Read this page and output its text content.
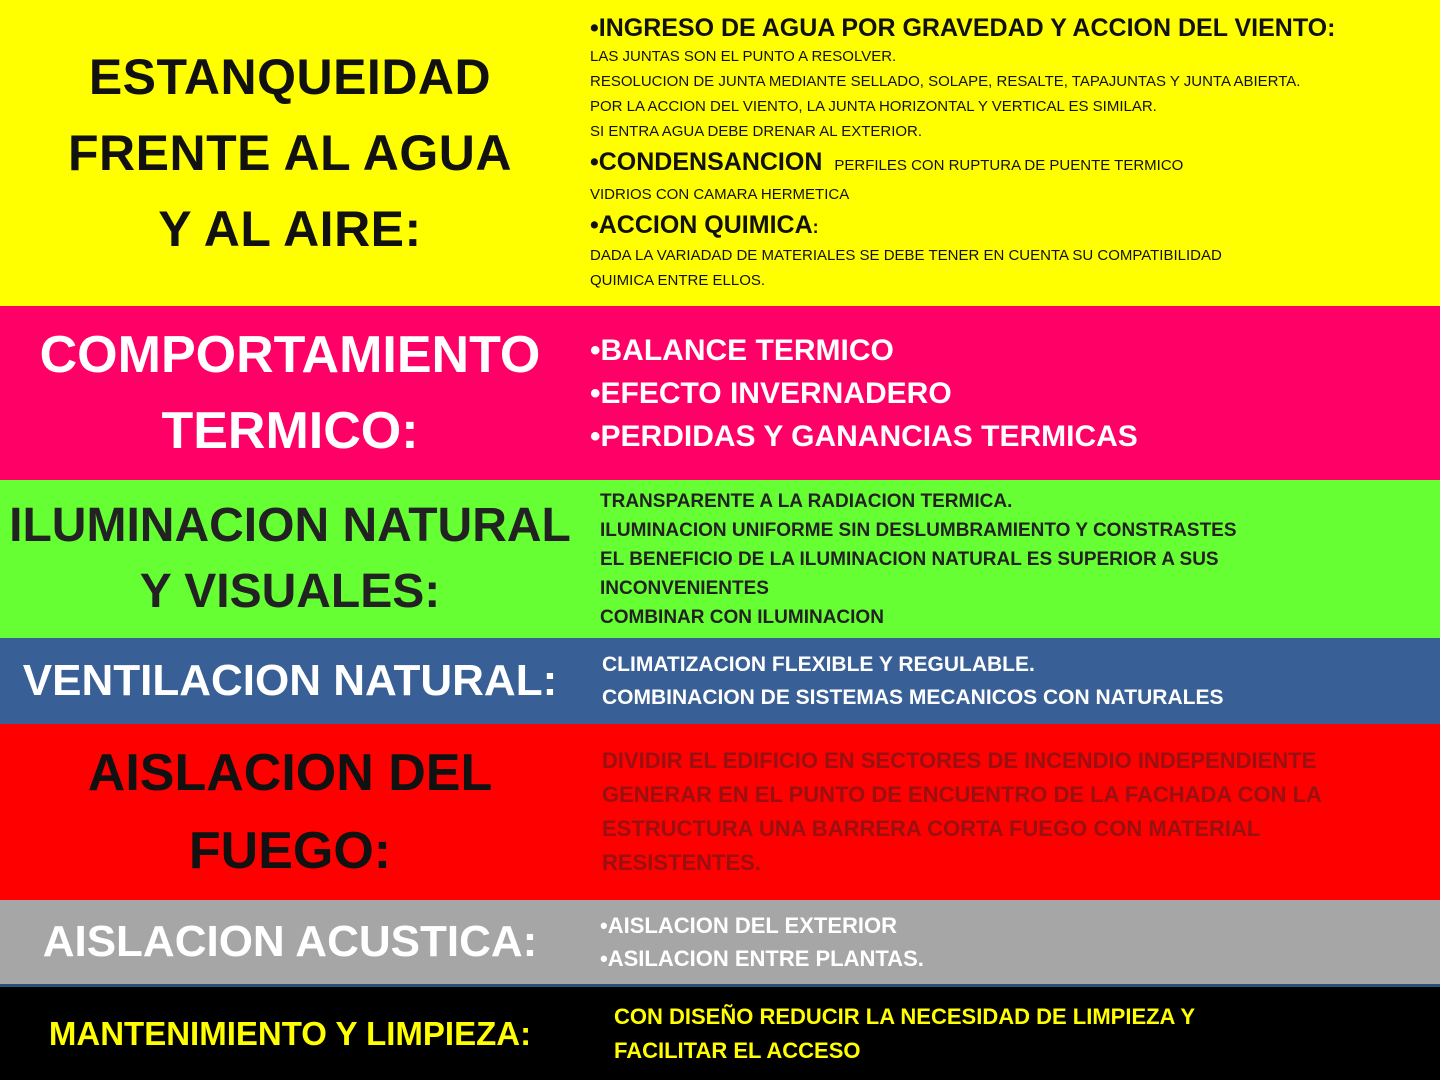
ESTANQUEIDAD
FRENTE AL AGUA
Y AL AIRE:
•INGRESO DE AGUA POR GRAVEDAD Y ACCION DEL VIENTO:
LAS JUNTAS SON EL PUNTO A RESOLVER.
RESOLUCION DE JUNTA MEDIANTE SELLADO, SOLAPE, RESALTE, TAPAJUNTAS Y JUNTA ABIERTA.
POR LA ACCION DEL VIENTO, LA JUNTA HORIZONTAL Y VERTICAL ES SIMILAR.
SI ENTRA AGUA DEBE DRENAR AL EXTERIOR.
•CONDENSANCION PERFILES CON RUPTURA DE PUENTE TERMICO
VIDRIOS CON CAMARA HERMETICA
•ACCION QUIMICA:
DADA LA VARIADAD DE MATERIALES SE DEBE TENER EN CUENTA SU COMPATIBILIDAD
QUIMICA ENTRE ELLOS.
COMPORTAMIENTO
TERMICO:
•BALANCE TERMICO
•EFECTO INVERNADERO
•PERDIDAS Y GANANCIAS TERMICAS
ILUMINACION NATURAL
Y VISUALES:
TRANSPARENTE A LA RADIACION TERMICA.
ILUMINACION UNIFORME SIN DESLUMBRAMIENTO Y CONSTRASTES
EL BENEFICIO DE LA ILUMINACION NATURAL ES SUPERIOR A SUS
INCONVENIENTES
COMBINAR CON ILUMINACION
VENTILACION NATURAL: CLIMATIZACION FLEXIBLE Y REGULABLE.
COMBINACION DE SISTEMAS MECANICOS CON NATURALES
AISLACION DEL
FUEGO:
DIVIDIR EL EDIFICIO EN SECTORES DE INCENDIO INDEPENDIENTE
GENERAR EN EL PUNTO DE ENCUENTRO DE LA FACHADA CON LA
ESTRUCTURA UNA BARRERA CORTA FUEGO CON MATERIAL
RESISTENTES.
AISLACION ACUSTICA:	•AISLACION DEL EXTERIOR
•ASILACION ENTRE PLANTAS.
MANTENIMIENTO Y LIMPIEZA:	CON DISEÑO REDUCIR LA NECESIDAD DE LIMPIEZA Y
FACILITAR EL ACCESO
